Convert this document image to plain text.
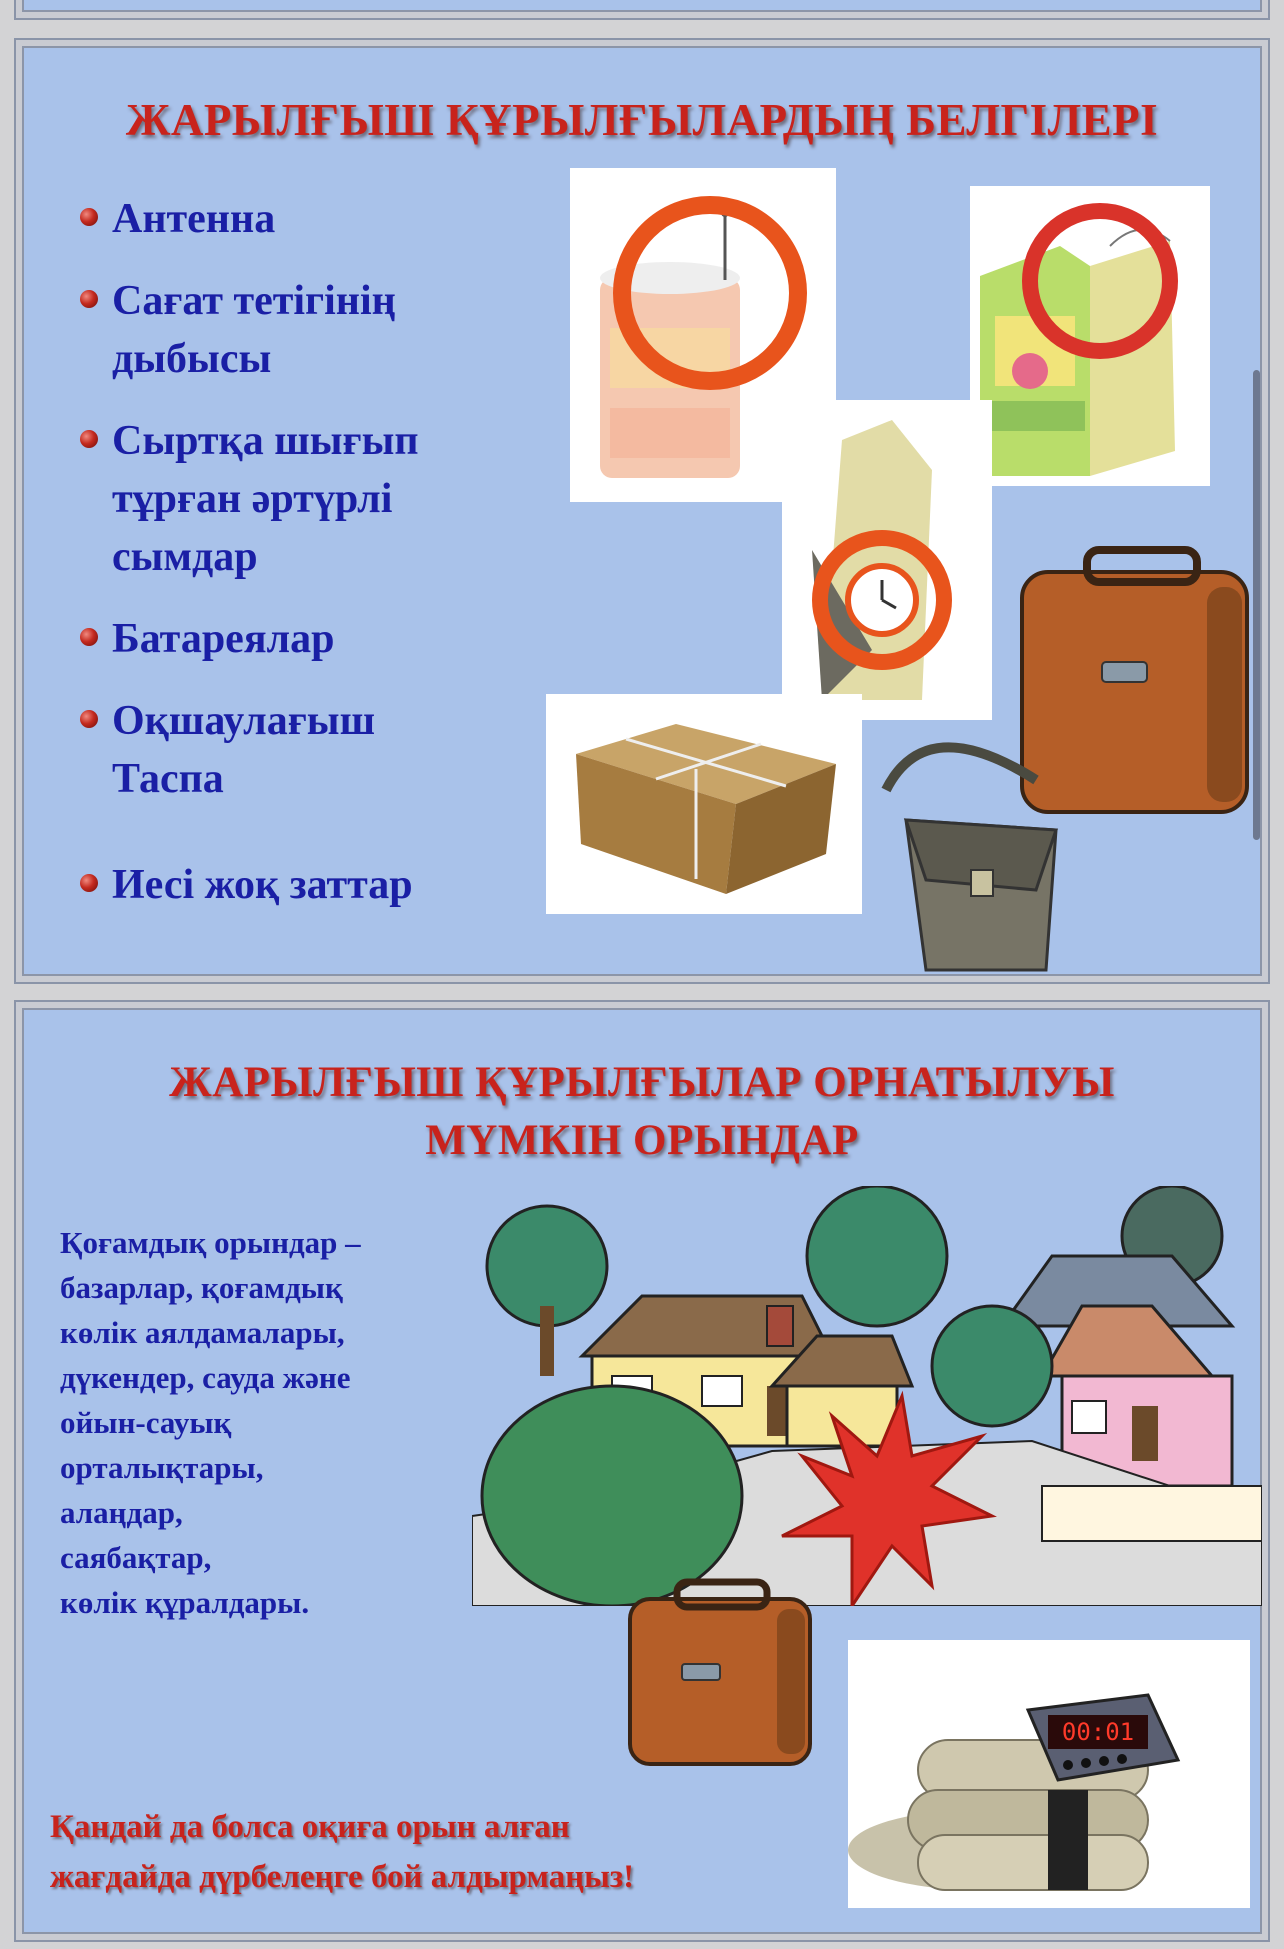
ЖАРЫЛҒЫШ ҚҰРЫЛҒЫЛАРДЫҢ БЕЛГІЛЕРІ
Антенна
Сағат тетігінің
дыбысы
Сыртқа шығып
тұрған әртүрлі
сымдар
Батареялар
Оқшаулағыш
Таспа
Иесі жоқ заттар
ЖАРЫЛҒЫШ ҚҰРЫЛҒЫЛАР ОРНАТЫЛУЫ
МҮМКІН ОРЫНДАР
Қоғамдық орындар –
базарлар, қоғамдық
көлік аялдамалары,
дүкендер, сауда және
ойын-сауық
орталықтары,
алаңдар,
саябақтар,
көлік құралдары.
00:01
Қандай да болса оқиға орын алған
жағдайда дүрбелеңге бой алдырмаңыз!
